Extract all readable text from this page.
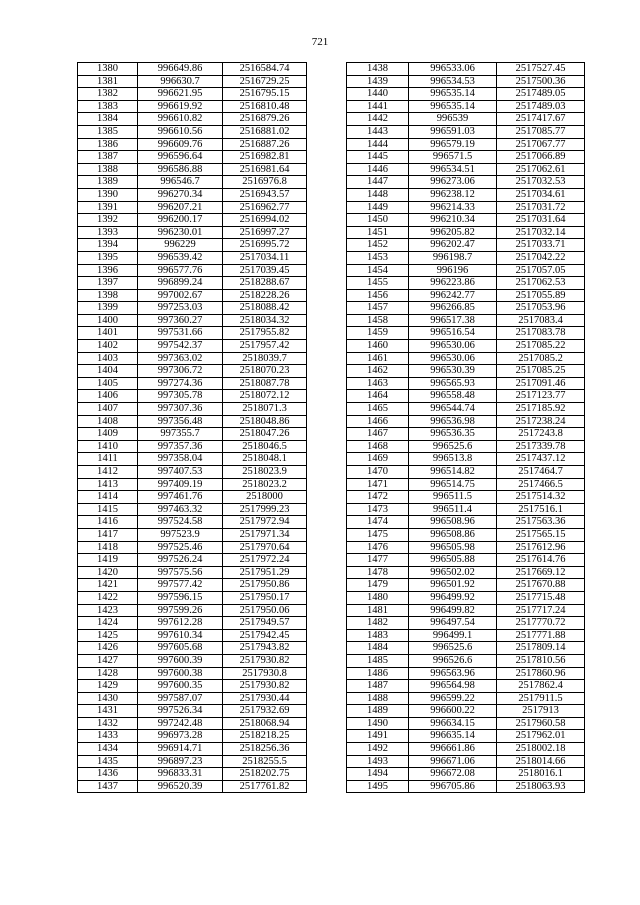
721
1380	996649.86	2516584.74
1381	996630.7	2516729.25
1382	996621.95	2516795.15
1383	996619.92	2516810.48
1384	996610.82	2516879.26
1385	996610.56	2516881.02
1386	996609.76	2516887.26
1387	996596.64	2516982.81
1388	996586.88	2516981.64
1389	996546.7	2516976.8
1390	996270.34	2516943.57
1391	996207.21	2516962.77
1392	996200.17	2516994.02
1393	996230.01	2516997.27
1394	996229	2516995.72
1395	996539.42	2517034.11
1396	996577.76	2517039.45
1397	996899.24	2518288.67
1398	997002.67	2518228.26
1399	997253.03	2518088.42
1400	997360.27	2518034.32
1401	997531.66	2517955.82
1402	997542.37	2517957.42
1403	997363.02	2518039.7
1404	997306.72	2518070.23
1405	997274.36	2518087.78
1406	997305.78	2518072.12
1407	997307.36	2518071.3
1408	997356.48	2518048.86
1409	997355.7	2518047.26
1410	997357.36	2518046.5
1411	997358.04	2518048.1
1412	997407.53	2518023.9
1413	997409.19	2518023.2
1414	997461.76	2518000
1415	997463.32	2517999.23
1416	997524.58	2517972.94
1417	997523.9	2517971.34
1418	997525.46	2517970.64
1419	997526.24	2517972.24
1420	997575.56	2517951.29
1421	997577.42	2517950.86
1422	997596.15	2517950.17
1423	997599.26	2517950.06
1424	997612.28	2517949.57
1425	997610.34	2517942.45
1426	997605.68	2517943.82
1427	997600.39	2517930.82
1428	997600.38	2517930.8
1429	997600.35	2517930.82
1430	997587.07	2517930.44
1431	997526.34	2517932.69
1432	997242.48	2518068.94
1433	996973.28	2518218.25
1434	996914.71	2518256.36
1435	996897.23	2518255.5
1436	996833.31	2518202.75
1437	996520.39	2517761.82
1438	996533.06	2517527.45
1439	996534.53	2517500.36
1440	996535.14	2517489.05
1441	996535.14	2517489.03
1442	996539	2517417.67
1443	996591.03	2517085.77
1444	996579.19	2517067.77
1445	996571.5	2517066.89
1446	996534.51	2517062.61
1447	996273.06	2517032.53
1448	996238.12	2517034.61
1449	996214.33	2517031.72
1450	996210.34	2517031.64
1451	996205.82	2517032.14
1452	996202.47	2517033.71
1453	996198.7	2517042.22
1454	996196	2517057.05
1455	996223.86	2517062.53
1456	996242.77	2517055.89
1457	996266.85	2517053.96
1458	996517.38	2517083.4
1459	996516.54	2517083.78
1460	996530.06	2517085.22
1461	996530.06	2517085.2
1462	996530.39	2517085.25
1463	996565.93	2517091.46
1464	996558.48	2517123.77
1465	996544.74	2517185.92
1466	996536.98	2517238.24
1467	996536.35	2517243.8
1468	996525.6	2517339.78
1469	996513.8	2517437.12
1470	996514.82	2517464.7
1471	996514.75	2517466.5
1472	996511.5	2517514.32
1473	996511.4	2517516.1
1474	996508.96	2517563.36
1475	996508.86	2517565.15
1476	996505.98	2517612.96
1477	996505.88	2517614.76
1478	996502.02	2517669.12
1479	996501.92	2517670.88
1480	996499.92	2517715.48
1481	996499.82	2517717.24
1482	996497.54	2517770.72
1483	996499.1	2517771.88
1484	996525.6	2517809.14
1485	996526.6	2517810.56
1486	996563.96	2517860.96
1487	996564.98	2517862.4
1488	996599.22	2517911.5
1489	996600.22	2517913
1490	996634.15	2517960.58
1491	996635.14	2517962.01
1492	996661.86	2518002.18
1493	996671.06	2518014.66
1494	996672.08	2518016.1
1495	996705.86	2518063.93
